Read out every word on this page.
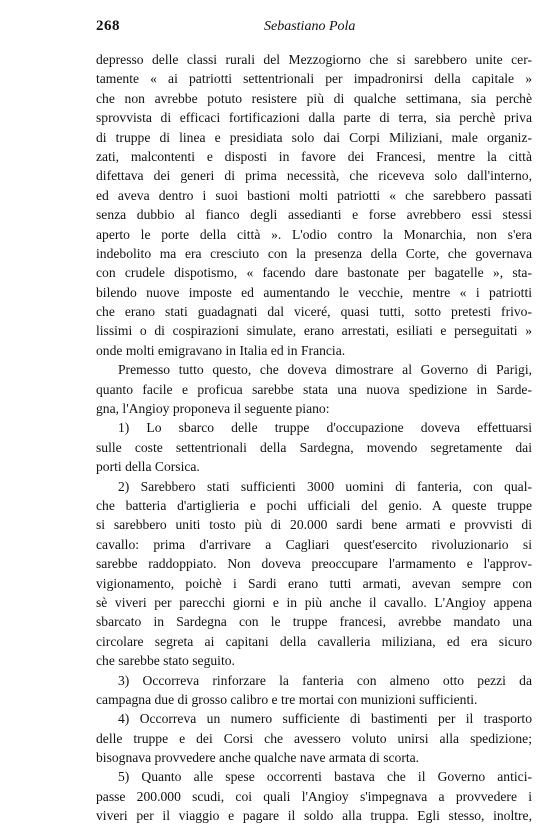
268	Sebastiano Pola
depresso delle classi rurali del Mezzogiorno che si sarebbero unite cer-
tamente « ai patriotti settentrionali per impadronirsi della capitale »
che non avrebbe potuto resistere più di qualche settimana, sia perchè
sprovvista di efficaci fortificazioni dalla parte di terra, sia perchè priva
di truppe di linea e presidiata solo dai Corpi Miliziani, male organiz-
zati, malcontenti e disposti in favore dei Francesi, mentre la città
difettava dei generi di prima necessità, che riceveva solo dall'interno,
ed aveva dentro i suoi bastioni molti patriotti « che sarebbero passati
senza dubbio al fianco degli assedianti e forse avrebbero essi stessi
aperto le porte della città ». L'odio contro la Monarchia, non s'era
indebolito ma era cresciuto con la presenza della Corte, che governava
con crudele dispotismo, « facendo dare bastonate per bagatelle », sta-
bilendo nuove imposte ed aumentando le vecchie, mentre « i patriotti
che erano stati guadagnati dal viceré, quasi tutti, sotto pretesti frivo-
lissimi o di cospirazioni simulate, erano arrestati, esiliati e perseguitati »
onde molti emigravano in Italia ed in Francia.
Premesso tutto questo, che doveva dimostrare al Governo di Parigi,
quanto facile e proficua sarebbe stata una nuova spedizione in Sarde-
gna, l'Angioy proponeva il seguente piano:
1) Lo sbarco delle truppe d'occupazione doveva effettuarsi
sulle coste settentrionali della Sardegna, movendo segretamente dai
porti della Corsica.
2) Sarebbero stati sufficienti 3000 uomini di fanteria, con qual-
che batteria d'artiglieria e pochi ufficiali del genio. A queste truppe
si sarebbero uniti tosto più di 20.000 sardi bene armati e provvisti di
cavallo: prima d'arrivare a Cagliari quest'esercito rivoluzionario si
sarebbe raddoppiato. Non doveva preoccupare l'armamento e l'approv-
vigionamento, poichè i Sardi erano tutti armati, avevan sempre con
sè viveri per parecchi giorni e in più anche il cavallo. L'Angioy appena
sbarcato in Sardegna con le truppe francesi, avrebbe mandato una
circolare segreta ai capitani della cavalleria miliziana, ed era sicuro
che sarebbe stato seguito.
3) Occorreva rinforzare la fanteria con almeno otto pezzi da
campagna due di grosso calibro e tre mortai con munizioni sufficienti.
4) Occorreva un numero sufficiente di bastimenti per il trasporto
delle truppe e dei Corsi che avessero voluto unirsi alla spedizione;
bisognava provvedere anche qualche nave armata di scorta.
5) Quanto alle spese occorrenti bastava che il Governo antici-
passe 200.000 scudi, coi quali l'Angioy s'impegnava a provvedere i
viveri per il viaggio e pagare il soldo alla truppa. Egli stesso, inoltre,
